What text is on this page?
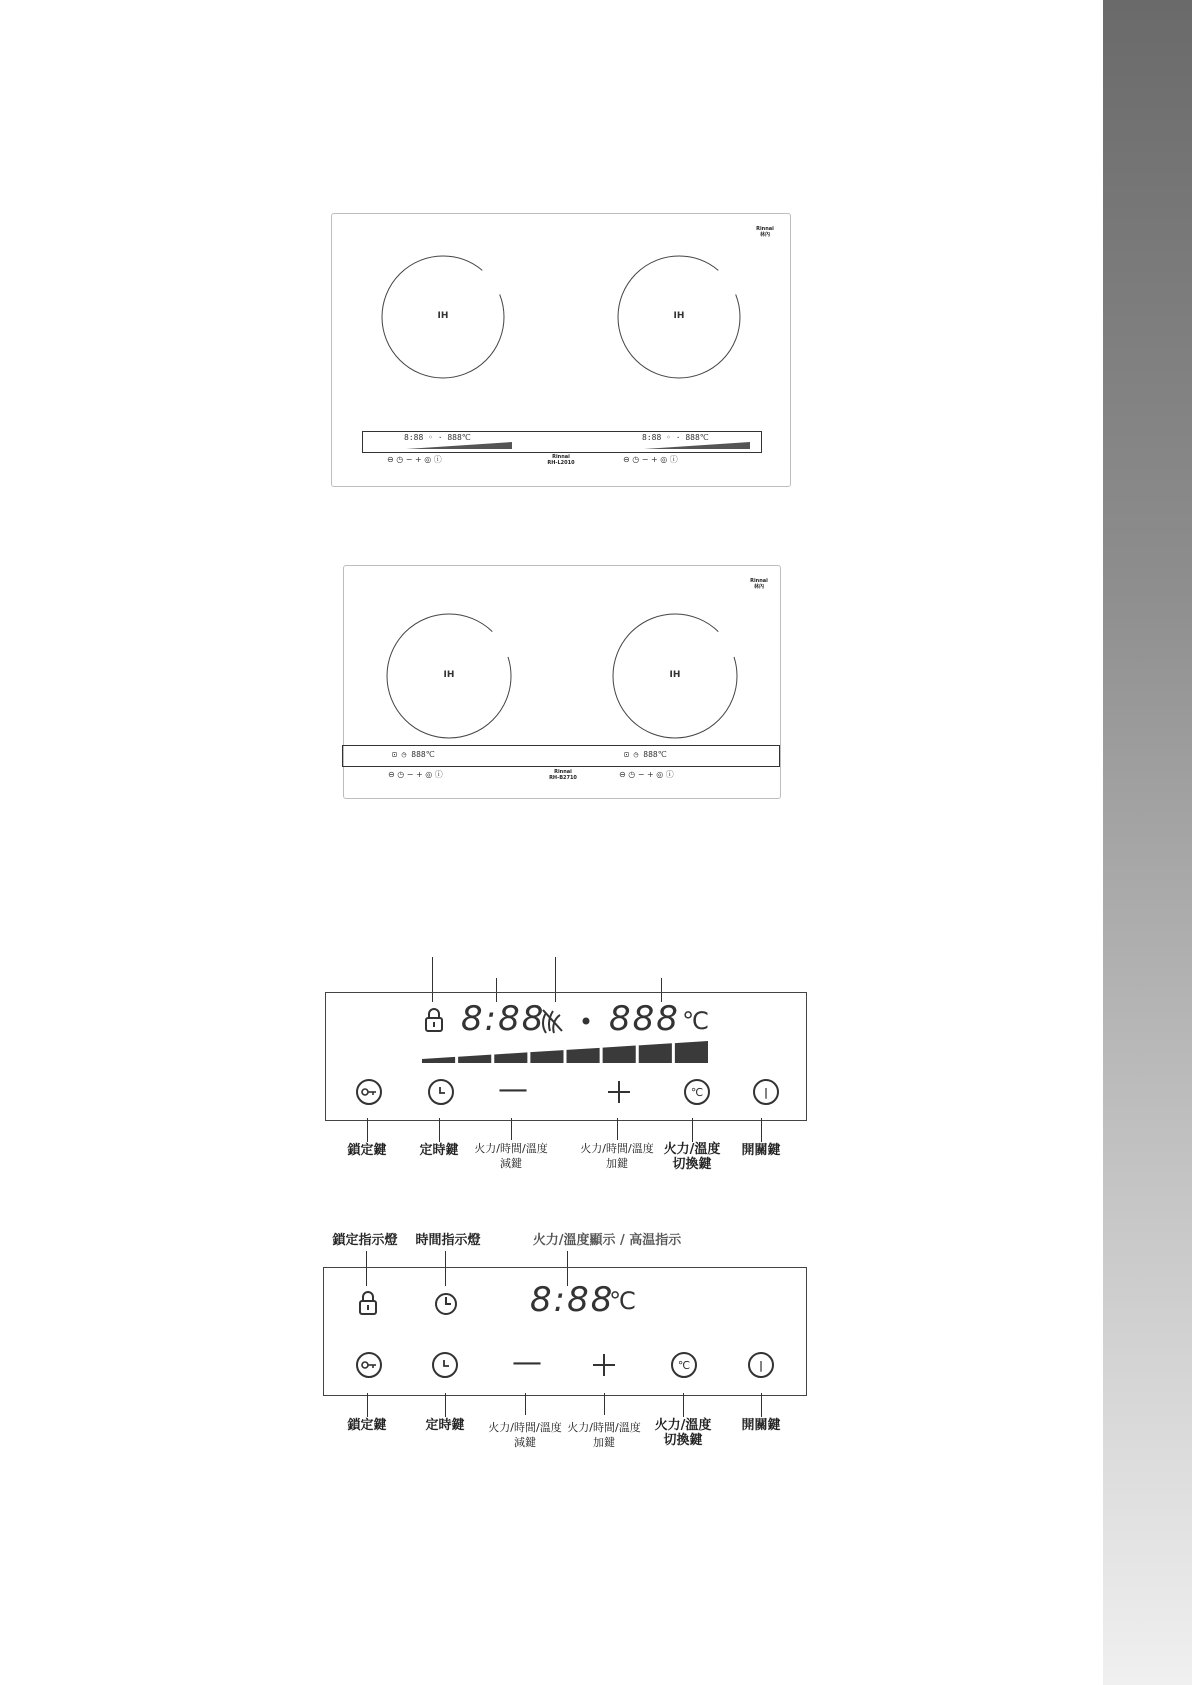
Rinnai
林內
IH	IH
8:88 ◦ · 888℃	8:88 ◦ · 888℃
⊖ ◷ − + ◎ ⓘ	⊖ ◷ − + ◎ ⓘ
Rinnai
RH-L2010
Rinnai
林內
IH	IH
⊡ ◷ 888℃	⊡ ◷ 888℃
⊖ ◷ − + ◎ ⓘ	⊖ ◷ − + ◎ ⓘ
Rinnai
RH-B2710
8:88 888 ℃
—	℃	|
鎖定鍵	定時鍵	火力/時間/溫度
減鍵
火力/時間/溫度
加鍵
火力/溫度
切換鍵
開關鍵
鎖定指示燈	時間指示燈	火力/溫度顯示 / 高温指示
8:88
℃
—	℃	|
鎖定鍵	定時鍵	火力/時間/溫度
減鍵
火力/時間/溫度
加鍵
火力/溫度
切換鍵
開關鍵
